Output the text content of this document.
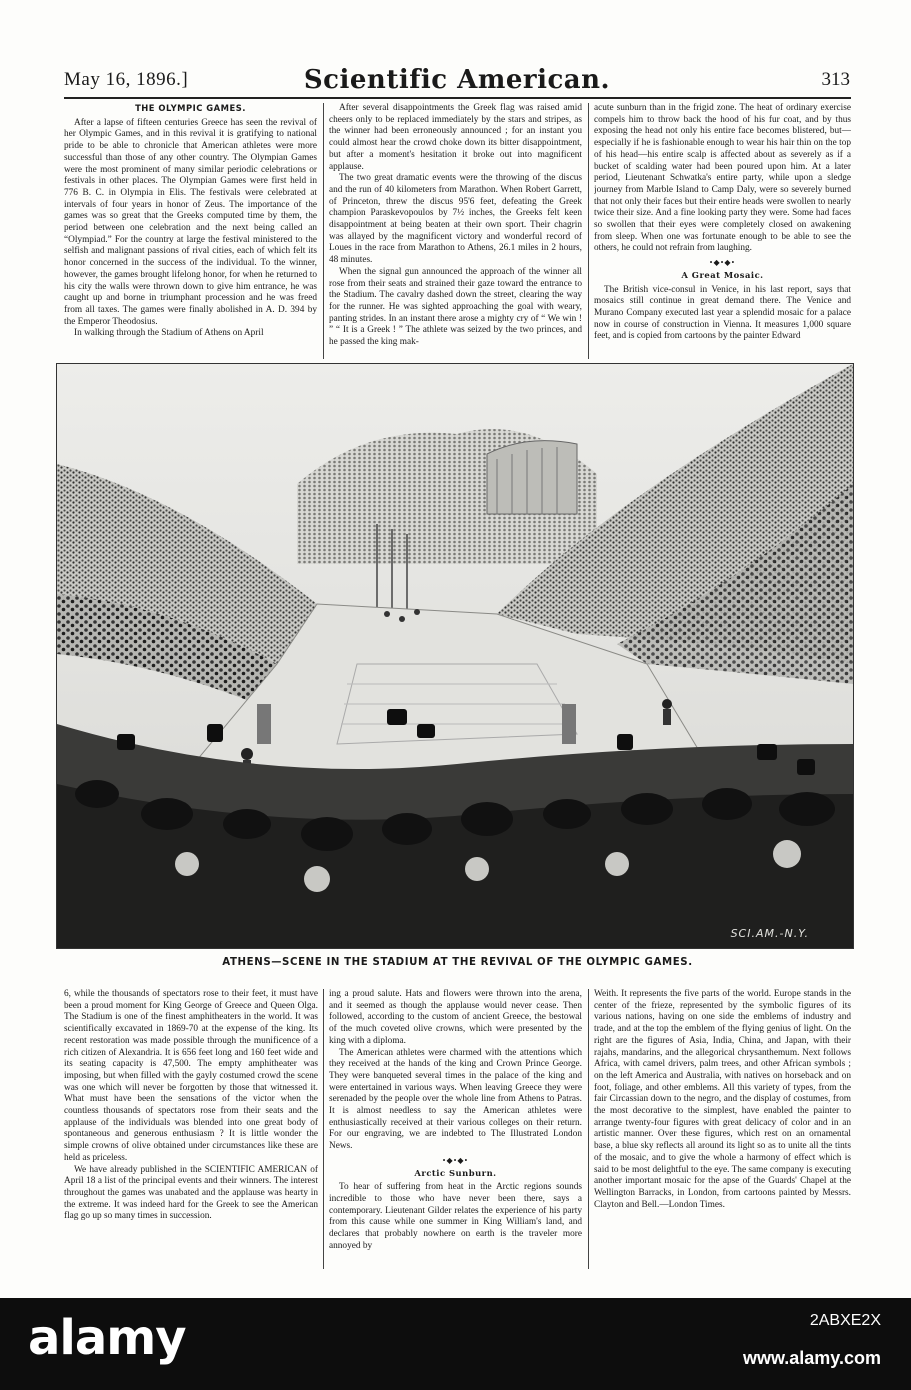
May 16, 1896.]	Scientific American.	313
THE OLYMPIC GAMES.

After a lapse of fifteen centuries Greece has seen the revival of her Olympic Games, and in this revival it is gratifying to national pride to be able to chronicle that American athletes were more successful than those of any other country. The Olympian Games were the most prominent of many similar periodic celebrations or festivals in other places. The Olympian Games were first held in 776 B. C. in Olympia in Elis. The festivals were celebrated at intervals of four years in honor of Zeus. The importance of the games was so great that the Greeks computed time by them, the period between one celebration and the next being called an “Olympiad.” For the country at large the festival ministered to the selfish and malignant passions of rival cities, each of which felt its honor concerned in the success of the individual. To the winner, however, the games brought lifelong honor, for when he returned to his city the walls were thrown down to give him entrance, he was caught up and borne in triumphant procession and he was freed from all taxes. The games were finally abolished in A. D. 394 by the Emperor Theodosius.

In walking through the Stadium of Athens on April

After several disappointments the Greek flag was raised amid cheers only to be replaced immediately by the stars and stripes, as the winner had been erroneously announced ; for an instant you could almost hear the crowd choke down its bitter disappointment, but after a moment's hesitation it broke out into magnificent applause.

The two great dramatic events were the throwing of the discus and the run of 40 kilometers from Marathon. When Robert Garrett, of Princeton, threw the discus 95'6 feet, defeating the Greek champion Paraskevopoulos by 7½ inches, the Greeks felt keen disappointment at being beaten at their own sport. Their chagrin was allayed by the magnificent victory and wonderful record of Loues in the race from Marathon to Athens, 26.1 miles in 2 hours, 48 minutes.

When the signal gun announced the approach of the winner all rose from their seats and strained their gaze toward the entrance to the Stadium. The cavalry dashed down the street, clearing the way for the runner. He was sighted approaching the goal with weary, panting strides. In an instant there arose a mighty cry of “ We win ! ” “ It is a Greek ! ” The athlete was seized by the two princes, and he passed the king mak-

acute sunburn than in the frigid zone. The heat of ordinary exercise compels him to throw back the hood of his fur coat, and by thus exposing the head not only his entire face becomes blistered, but—especially if he is fashionable enough to wear his hair thin on the top of his head—his entire scalp is affected about as severely as if a bucket of scalding water had been poured upon him. At a later period, Lieutenant Schwatka's entire party, while upon a sledge journey from Marble Island to Camp Daly, were so severely burned that not only their faces but their entire heads were swollen to nearly twice their size. And a fine looking party they were. Some had faces so swollen that their eyes were completely closed on awakening from sleep. When one was fortunate enough to be able to see the others, he could not refrain from laughing.

•◆•◆•
A Great Mosaic.

The British vice-consul in Venice, in his last report, says that mosaics still continue in great demand there. The Venice and Murano Company executed last year a splendid mosaic for a palace now in course of construction in Vienna. It measures 1,000 square feet, and is copied from cartoons by the painter Edward

SCI.AM.-N.Y.
ATHENS—SCENE IN THE STADIUM AT THE REVIVAL OF THE OLYMPIC GAMES.

6, while the thousands of spectators rose to their feet, it must have been a proud moment for King George of Greece and Queen Olga. The Stadium is one of the finest amphitheaters in the world. It was scientifically excavated in 1869-70 at the expense of the king. Its recent restoration was made possible through the munificence of a rich citizen of Alexandria. It is 656 feet long and 160 feet wide and its seating capacity is 47,500. The empty amphitheater was imposing, but when filled with the gayly costumed crowd the scene was one which will never be forgotten by those that witnessed it. What must have been the sensations of the victor when the countless thousands of spectators rose from their seats and the applause of the individuals was blended into one great body of spontaneous and generous enthusiasm ? It is little wonder the simple crowns of olive obtained under circumstances like these are held as priceless.

We have already published in the SCIENTIFIC AMERICAN of April 18 a list of the principal events and their winners. The interest throughout the games was unabated and the applause was hearty in the extreme. It was indeed hard for the Greek to see the American flag go up so many times in succession.

ing a proud salute. Hats and flowers were thrown into the arena, and it seemed as though the applause would never cease. Then followed, according to the custom of ancient Greece, the bestowal of the much coveted olive crowns, which were presented by the king with a diploma.

The American athletes were charmed with the attentions which they received at the hands of the king and Crown Prince George. They were banqueted several times in the palace of the king and were entertained in various ways. When leaving Greece they were serenaded by the people over the whole line from Athens to Patras. It is almost needless to say the American athletes were enthusiastically received at their various colleges on their return. For our engraving, we are indebted to The Illustrated London News.

•◆•◆•
Arctic Sunburn.

To hear of suffering from heat in the Arctic regions sounds incredible to those who have never been there, says a contemporary. Lieutenant Gilder relates the experience of his party from this cause while one summer in King William's land, and declares that probably nowhere on earth is the traveler more annoyed by

Weith. It represents the five parts of the world. Europe stands in the center of the frieze, represented by the symbolic figures of its various nations, having on one side the emblems of industry and trade, and at the top the emblem of the flying genius of light. On the right are the figures of Asia, India, China, and Japan, with their rajahs, mandarins, and the allegorical chrysanthemum. Next follows Africa, with camel drivers, palm trees, and other African symbols ; on the left America and Australia, with natives on horseback and on foot, foliage, and other emblems. All this variety of types, from the fair Circassian down to the negro, and the display of costumes, from the most decorative to the simplest, have enabled the painter to arrange twenty-four figures with great delicacy of color and in an artistic manner. Over these figures, which rest on an ornamental base, a blue sky reflects all around its light so as to unite all the tints of the mosaic, and to give the whole a harmony of effect which is said to be most delightful to the eye. The same company is executing another important mosaic for the apse of the Guards' Chapel at the Wellington Barracks, in London, from cartoons painted by Messrs. Clayton and Bell.—London Times.

alamy	2ABXE2X
www.alamy.com
